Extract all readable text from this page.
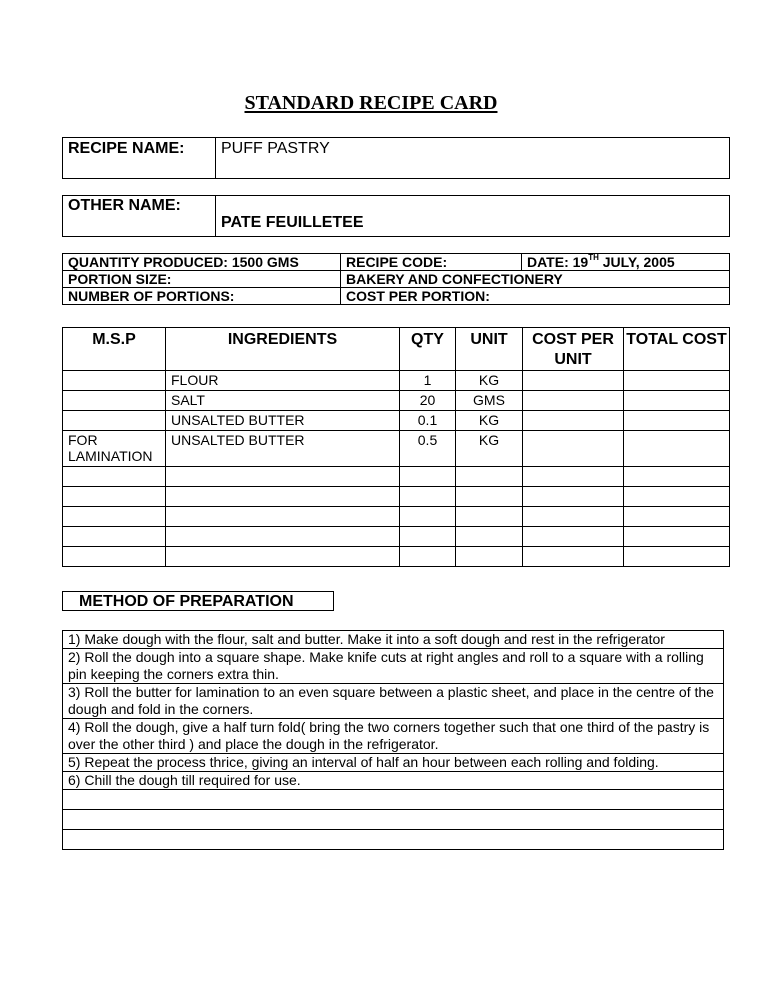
STANDARD RECIPE CARD
RECIPE NAME:	PUFF PASTRY
OTHER NAME:	PATE FEUILLETEE
QUANTITY PRODUCED: 1500 GMS	RECIPE CODE:	DATE: 19TH JULY, 2005
PORTION SIZE:	BAKERY AND CONFECTIONERY	
NUMBER OF PORTIONS:	COST PER PORTION:	
M.S.P	INGREDIENTS	QTY	UNIT	COST PER UNIT	TOTAL COST
	FLOUR	1	KG		
	SALT	20	GMS		
	UNSALTED BUTTER	0.1	KG		
FOR LAMINATION	UNSALTED BUTTER	0.5	KG		

METHOD OF PREPARATION
1) Make dough with the flour, salt and butter. Make it into a soft dough and rest in the refrigerator
2) Roll the dough into a square shape. Make knife cuts at right angles and roll to a square with a rolling pin keeping the corners extra thin.
3) Roll the butter for lamination to an even square between a plastic sheet, and place in the centre of the dough and fold in the corners.
4) Roll the dough, give a half turn fold( bring the two corners together such that one third of the pastry is over the other third ) and place the dough in the refrigerator.
5) Repeat the process thrice, giving an interval of half an hour between each rolling and folding.
6) Chill the dough till required for use.
